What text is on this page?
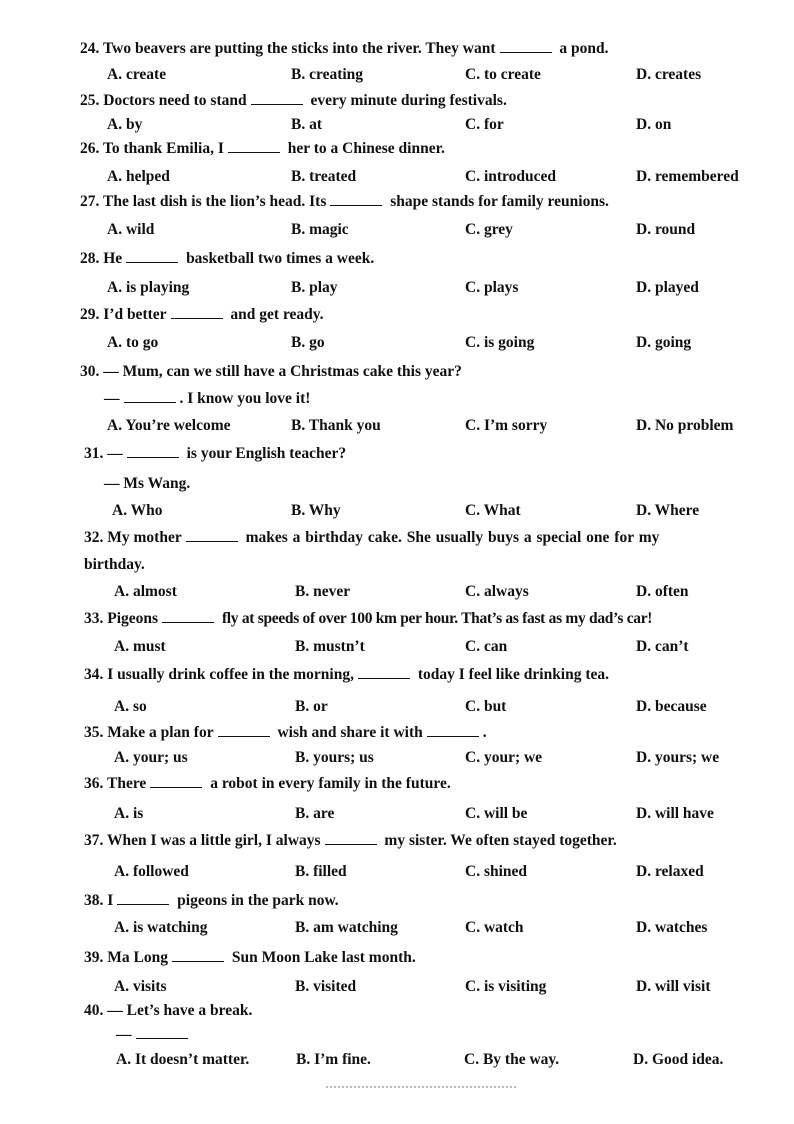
24. Two beavers are putting the sticks into the river. They want	a pond.
A. create	B. creating	C. to create	D. creates
25. Doctors need to stand	every minute during festivals.
A. by	B. at	C. for	D. on
26. To thank Emilia, I	her to a Chinese dinner.
A. helped	B. treated	C. introduced	D. remembered
27. The last dish is the lion’s head. Its	shape stands for family reunions.
A. wild	B. magic	C. grey	D. round
28. He	basketball two times a week.
A. is playing	B. play	C. plays	D. played
29. I’d better	and get ready.
A. to go	B. go	C. is going	D. going
30. — Mum, can we still have a Christmas cake this year?
—	. I know you love it!
A. You’re welcome	B. Thank you	C. I’m sorry	D. No problem
31. —	is your English teacher?
— Ms Wang.
A. Who	B. Why	C. What	D. Where
32. My mother	makes a birthday cake. She usually buys a special one for my
birthday.
A. almost	B. never	C. always	D. often
33. Pigeons	fly at speeds of over 100 km per hour. That’s as fast as my dad’s car!
A. must	B. mustn’t	C. can	D. can’t
34. I usually drink coffee in the morning,	today I feel like drinking tea.
A. so	B. or	C. but	D. because
35. Make a plan for	wish and share it with	.
A. your; us	B. yours; us	C. your; we	D. yours; we
36. There	a robot in every family in the future.
A. is	B. are	C. will be	D. will have
37. When I was a little girl, I always	my sister. We often stayed together.
A. followed	B. filled	C. shined	D. relaxed
38. I	pigeons in the park now.
A. is watching	B. am watching	C. watch	D. watches
39. Ma Long	Sun Moon Lake last month.
A. visits	B. visited	C. is visiting	D. will visit
40. — Let’s have a break.
—
A. It doesn’t matter.	B. I’m fine.	C. By the way.	D. Good idea.
